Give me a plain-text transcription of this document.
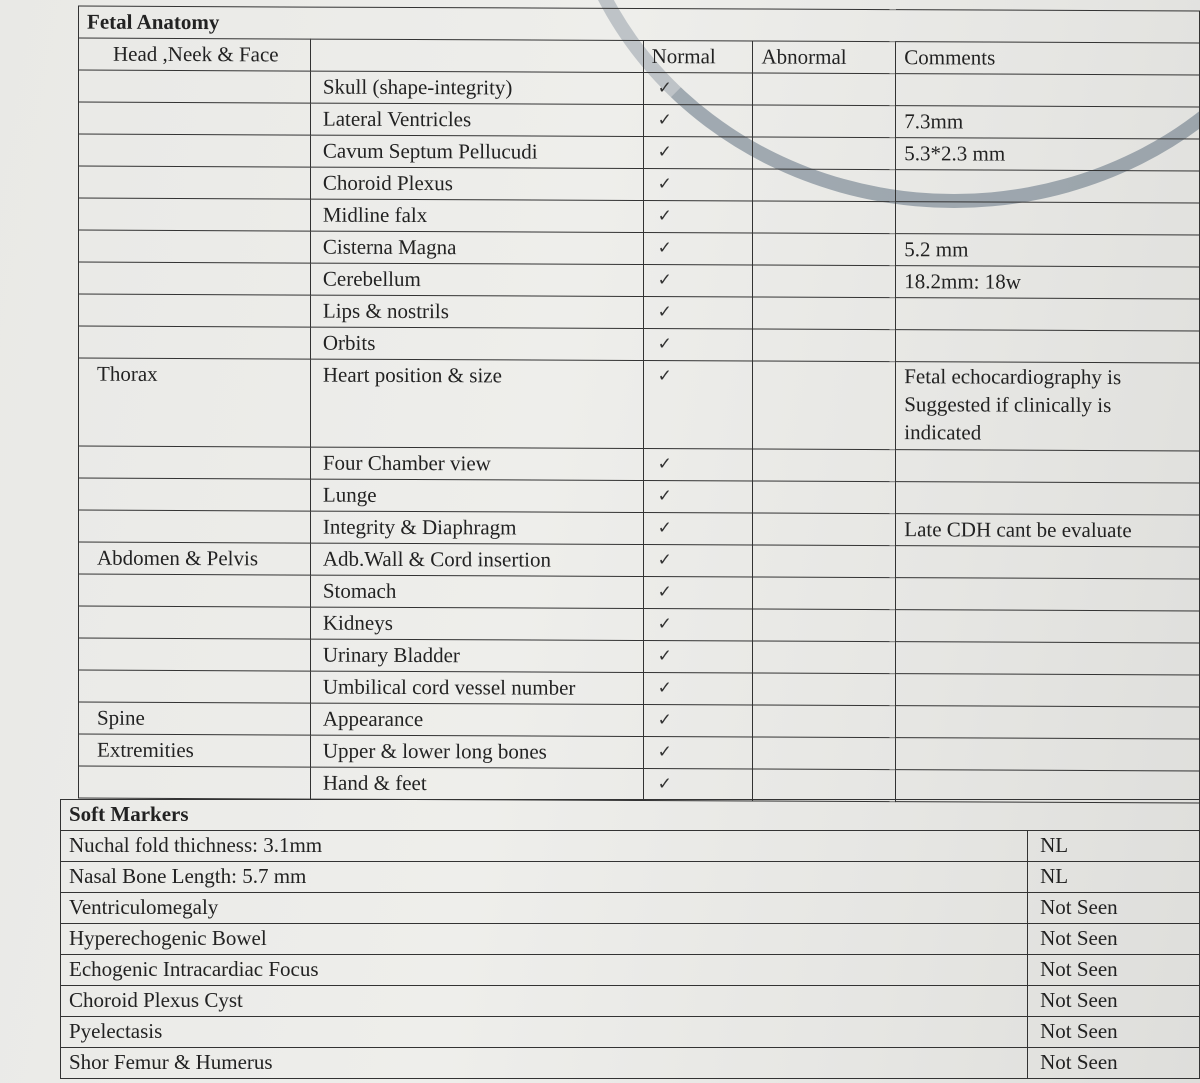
Fetal Anatomy				
Head ,Neek & Face		Normal	Abnormal	Comments
	Skull (shape-integrity)	✓		
	Lateral Ventricles	✓		7.3mm
	Cavum Septum Pellucudi	✓		5.3*2.3 mm
	Choroid Plexus	✓		
	Midline falx	✓		
	Cisterna Magna	✓		5.2 mm
	Cerebellum	✓		18.2mm: 18w
	Lips & nostrils	✓		
	Orbits	✓		
Thorax	Heart position & size	✓		Fetal echocardiography is Suggested if clinically is indicated
	Four Chamber view	✓		
	Lunge	✓		
	Integrity & Diaphragm	✓		Late CDH cant be evaluate
Abdomen & Pelvis	Adb.Wall & Cord insertion	✓		
	Stomach	✓		
	Kidneys	✓		
	Urinary Bladder	✓		
	Umbilical cord vessel number	✓		
Spine	Appearance	✓		
Extremities	Upper & lower long bones	✓		
	Hand & feet	✓		
Soft Markers	
Nuchal fold thichness: 3.1mm	NL
Nasal Bone Length: 5.7 mm	NL
Ventriculomegaly	Not Seen
Hyperechogenic Bowel	Not Seen
Echogenic Intracardiac Focus	Not Seen
Choroid Plexus Cyst	Not Seen
Pyelectasis	Not Seen
Shor Femur & Humerus	Not Seen
